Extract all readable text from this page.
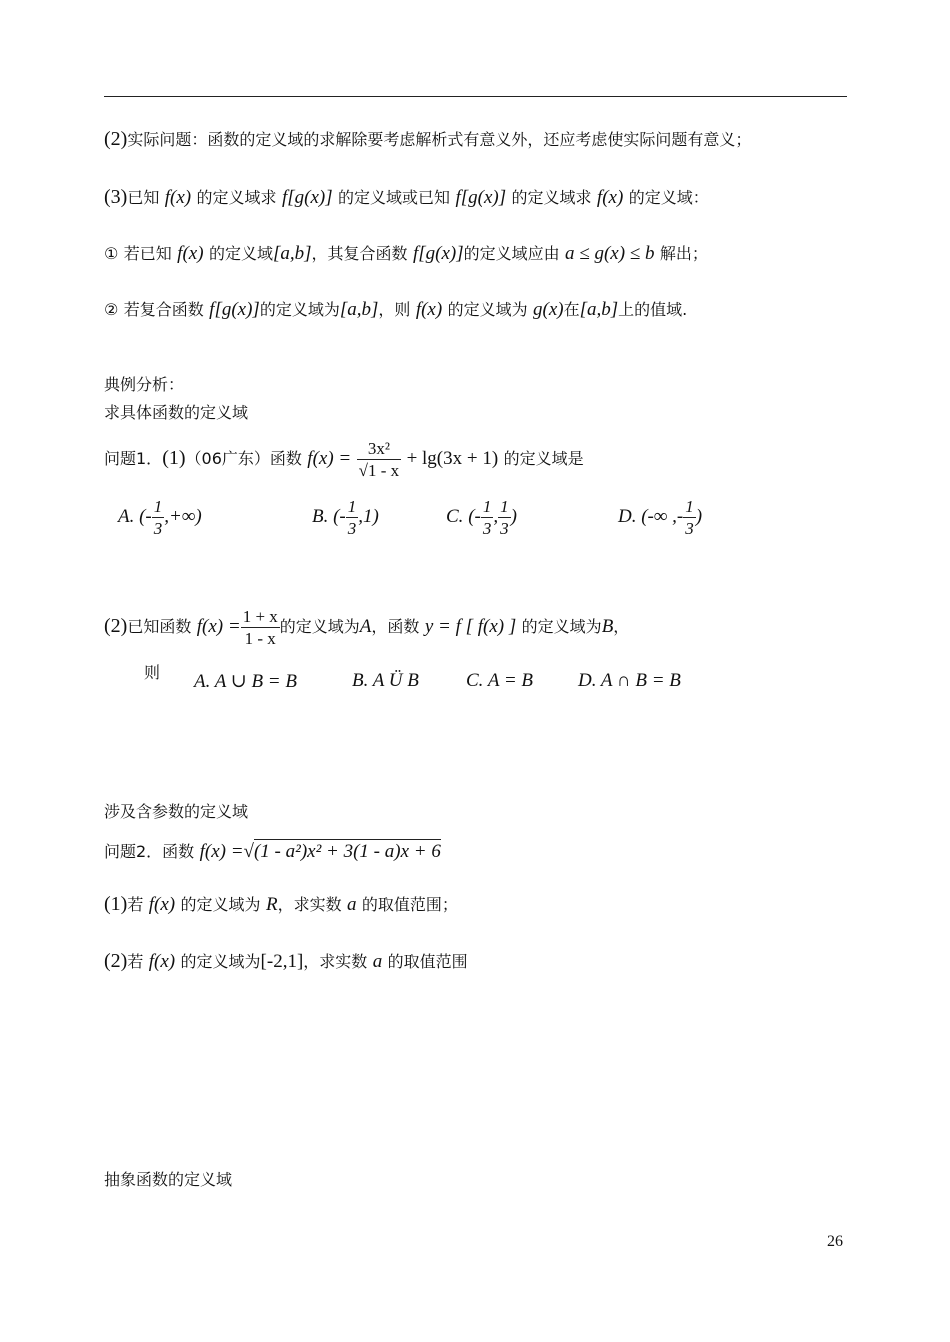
(2)实际问题：函数的定义域的求解除要考虑解析式有意义外，还应考虑使实际问题有意义；
(3)已知 f(x) 的定义域求 f[g(x)] 的定义域或已知 f[g(x)] 的定义域求 f(x) 的定义域：
① 若已知 f(x) 的定义域[a,b]，其复合函数 f[g(x)]的定义域应由 a ≤ g(x) ≤ b 解出；
② 若复合函数 f[g(x)]的定义域为[a,b]，则 f(x) 的定义域为 g(x)在[a,b]上的值域.
典例分析：
求具体函数的定义域
问题1．(1)（06广东）函数 $f(x) = \frac{\text{3x²}}{√1 - x} + \lg(3x + 1)$ 的定义域是
A. (- $\frac{1}{3}$ ,+∞)	B. (- $\frac{1}{3} ,1$)	C. (- $\frac{1}{3}$ , $\frac{1}{3}$ )	D. (-∞ ,- $\frac{1}{3}$ )
(2)已知函数 $f(x) = \frac{1 + x}{1 - x}$ 的定义域为A，函数 y = f [ f(x) ] 的定义域为B，
则 A. A ∪ B = B	B. A Ü B C. A = B D. A ∩ B = B
涉及含参数的定义域
问题2．函数 f(x) =√(1 - a²)x² + 3(1 - a)x + 6
(1)若 f(x) 的定义域为 R，求实数 a 的取值范围；
(2)若 f(x) 的定义域为[-2,1]，求实数 a 的取值范围
抽象函数的定义域
26
